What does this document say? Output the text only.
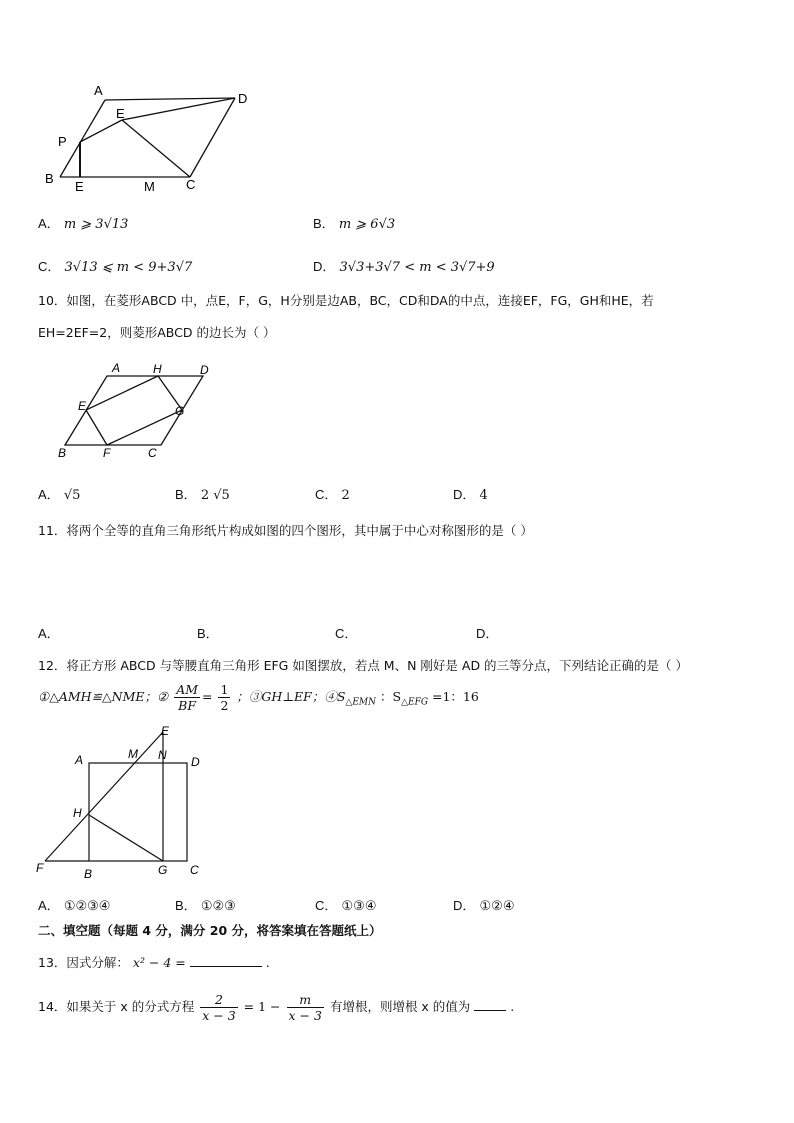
A
D
E
P
B
E	M C
A． m ⩾ 3√13	B． m ⩾ 6√3
C． 3√13 ⩽ m < 9+3√7	D． 3√3+3√7 < m < 3√7+9
10．如图，在菱形ABCD 中，点E，F，G，H分别是边AB，BC，CD和DA的中点，连接EF，FG，GH和HE，若
EH=2EF=2，则菱形ABCD 的边长为（ ）
A	H	D
E	G
B	F	C
A． √5	B． 2 √5	C． 2	D． 4
11．将两个全等的直角三角形纸片构成如图的四个图形，其中属于中心对称图形的是（ ）
A．	B．	C．	D．
12．将正方形 ABCD 与等腰直角三角形 EFG 如图摆放，若点 M、N 刚好是 AD 的三等分点，下列结论正确的是（ ）
①△AMH≌△NME；② $\frac{AM}{BF} = \frac{1}{2}$ ；③GH⊥EF；$④S_{\triangle EMN}$ ：$S_{\triangle EFG} =1$：16
E
A	M N D
H
F	B	G C
A． ①②③④	B． ①②③	C． ①③④	D． ①②④
二、填空题（每题 4 分，满分 20 分，将答案填在答题纸上）
13．因式分解： x² − 4 =	.
14．如果关于 x 的分式方程 $\frac{2}{x - 3} = 1 - \frac{m}{x - 3}$ 有增根，则增根 x 的值为	.
